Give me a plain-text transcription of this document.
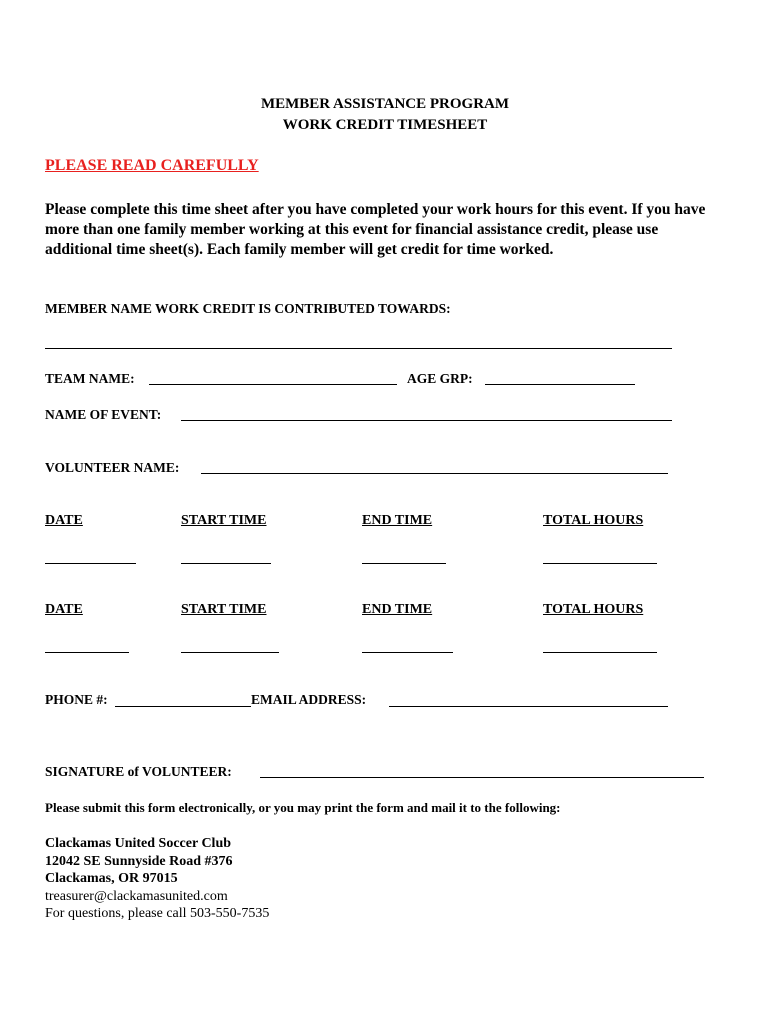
MEMBER ASSISTANCE PROGRAM
WORK CREDIT TIMESHEET
PLEASE READ CAREFULLY
Please complete this time sheet after you have completed your work hours for this event. If you have more than one family member working at this event for financial assistance credit, please use additional time sheet(s). Each family member will get credit for time worked.
MEMBER NAME WORK CREDIT IS CONTRIBUTED TOWARDS:
TEAM NAME:	AGE GRP:
NAME OF EVENT:
VOLUNTEER NAME:
DATE	START TIME	END TIME	TOTAL HOURS
DATE	START TIME	END TIME	TOTAL HOURS
PHONE #:	EMAIL ADDRESS:
SIGNATURE of VOLUNTEER:
Please submit this form electronically, or you may print the form and mail it to the following:
Clackamas United Soccer Club
12042 SE Sunnyside Road #376
Clackamas, OR 97015
treasurer@clackamasunited.com
For questions, please call 503-550-7535
